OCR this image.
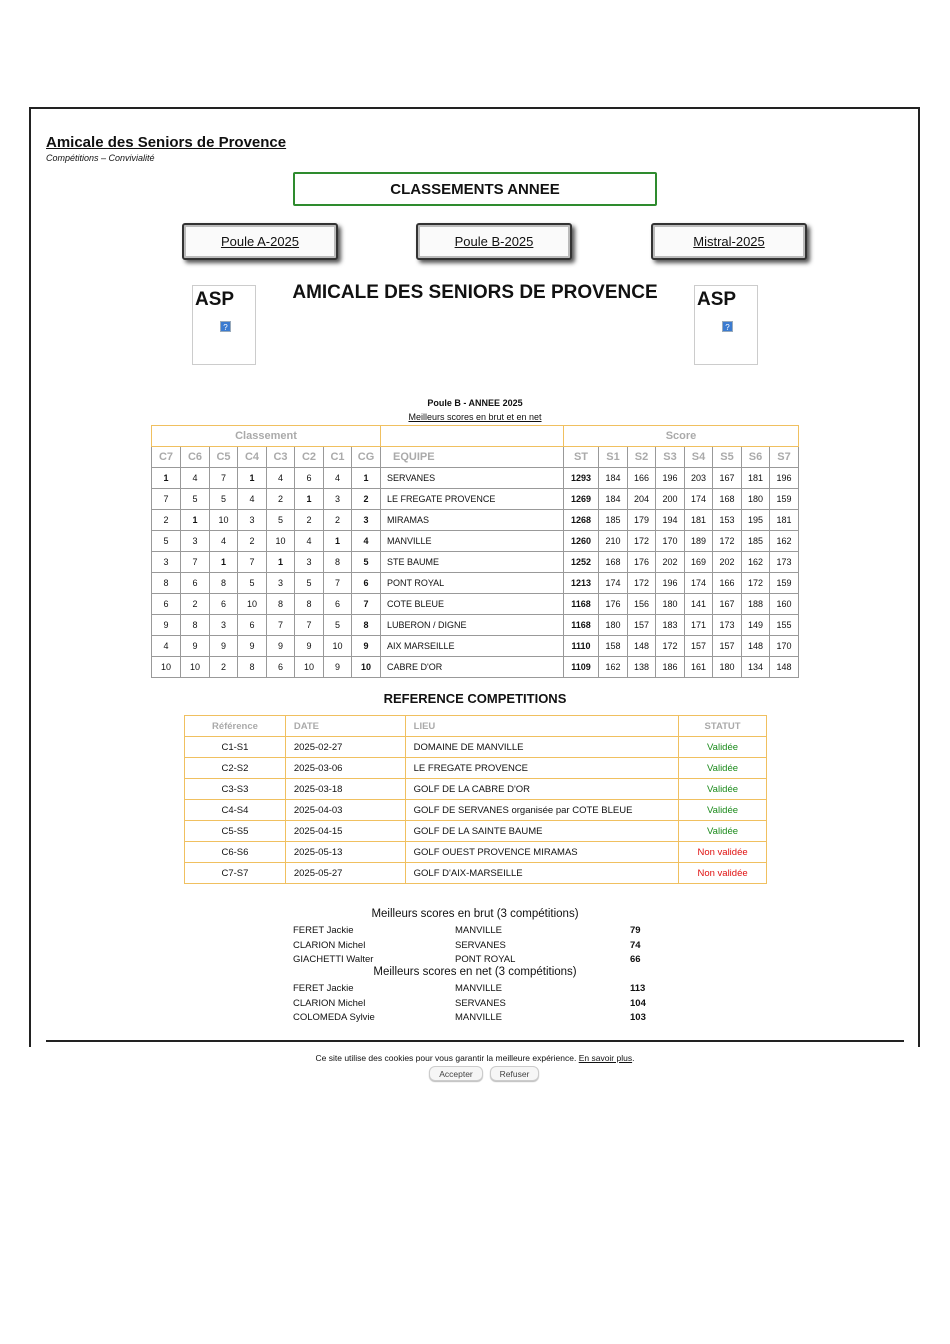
Amicale des Seniors de Provence
Compétitions – Convivialité
CLASSEMENTS ANNEE
Poule A-2025	Poule B-2025	Mistral-2025
ASP
?
AMICALE DES SENIORS DE PROVENCE	ASP
?
Poule B - ANNEE 2025
Meilleurs scores en brut et en net
Classement									Score							
C7	C6	C5	C4	C3	C2	C1	CG	EQUIPE	ST	S1	S2	S3	S4	S5	S6	S7
1	4	7	1	4	6	4	1	SERVANES	1293	184	166	196	203	167	181	196
7	5	5	4	2	1	3	2	LE FREGATE PROVENCE	1269	184	204	200	174	168	180	159
2	1	10	3	5	2	2	3	MIRAMAS	1268	185	179	194	181	153	195	181
5	3	4	2	10	4	1	4	MANVILLE	1260	210	172	170	189	172	185	162
3	7	1	7	1	3	8	5	STE BAUME	1252	168	176	202	169	202	162	173
8	6	8	5	3	5	7	6	PONT ROYAL	1213	174	172	196	174	166	172	159
6	2	6	10	8	8	6	7	COTE BLEUE	1168	176	156	180	141	167	188	160
9	8	3	6	7	7	5	8	LUBERON / DIGNE	1168	180	157	183	171	173	149	155
4	9	9	9	9	9	10	9	AIX MARSEILLE	1110	158	148	172	157	157	148	170
10	10	2	8	6	10	9	10	CABRE D'OR	1109	162	138	186	161	180	134	148
REFERENCE COMPETITIONS
Référence	DATE	LIEU	STATUT
C1-S1	2025-02-27	DOMAINE DE MANVILLE	Validée
C2-S2	2025-03-06	LE FREGATE PROVENCE	Validée
C3-S3	2025-03-18	GOLF DE LA CABRE D'OR	Validée
C4-S4	2025-04-03	GOLF DE SERVANES organisée par COTE BLEUE	Validée
C5-S5	2025-04-15	GOLF DE LA SAINTE BAUME	Validée
C6-S6	2025-05-13	GOLF OUEST PROVENCE MIRAMAS	Non validée
C7-S7	2025-05-27	GOLF D'AIX-MARSEILLE	Non validée
Meilleurs scores en brut (3 compétitions)
FERET Jackie	MANVILLE	79
CLARION Michel	SERVANES	74
GIACHETTI Walter	PONT ROYAL	66
Meilleurs scores en net (3 compétitions)
FERET Jackie	MANVILLE	113
CLARION Michel	SERVANES	104
COLOMEDA Sylvie	MANVILLE	103
Ce site utilise des cookies pour vous garantir la meilleure expérience. En savoir plus.
Accepter	Refuser
